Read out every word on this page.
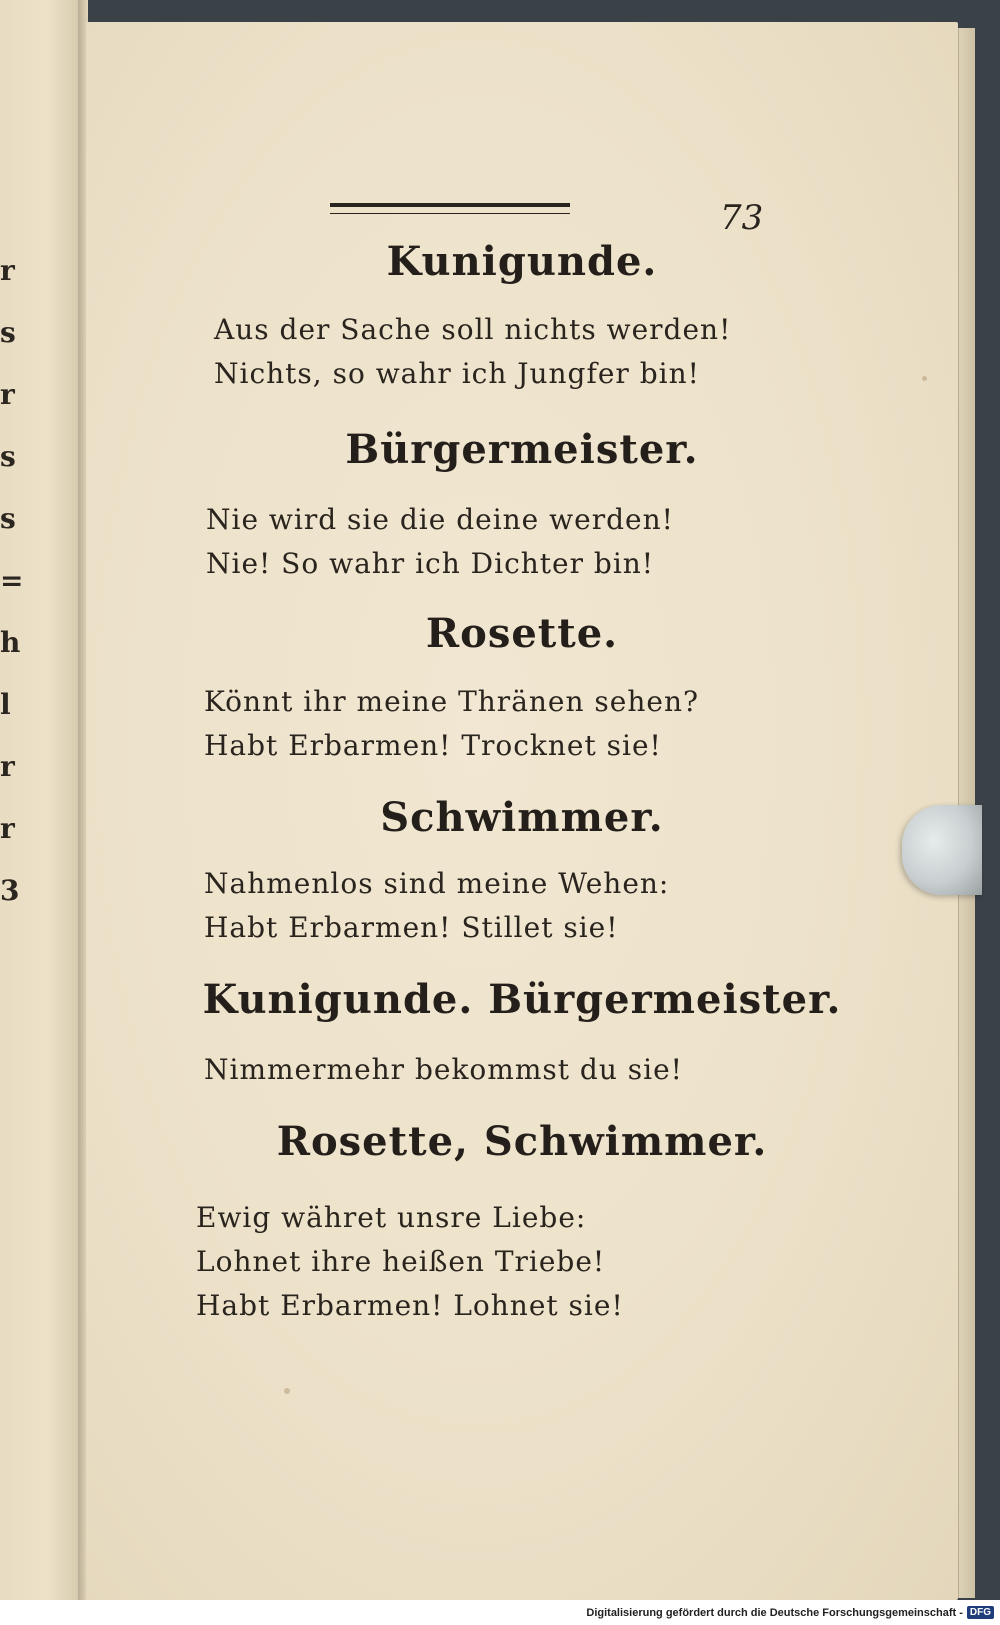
r
s
r
s
s
=
h
l
r
r
3
73
Kunigunde.
Aus der Sache soll nichts werden!
Nichts, so wahr ich Jungfer bin!
Bürgermeister.
Nie wird sie die deine werden!
Nie! So wahr ich Dichter bin!
Rosette.
Könnt ihr meine Thränen sehen?
Habt Erbarmen! Trocknet sie!
Schwimmer.
Nahmenlos sind meine Wehen:
Habt Erbarmen! Stillet sie!
Kunigunde. Bürgermeister.
Nimmermehr bekommst du sie!
Rosette, Schwimmer.
Ewig währet unsre Liebe:
Lohnet ihre heißen Triebe!
Habt Erbarmen! Lohnet sie!
Digitalisierung gefördert durch die Deutsche Forschungsgemeinschaft - DFG
